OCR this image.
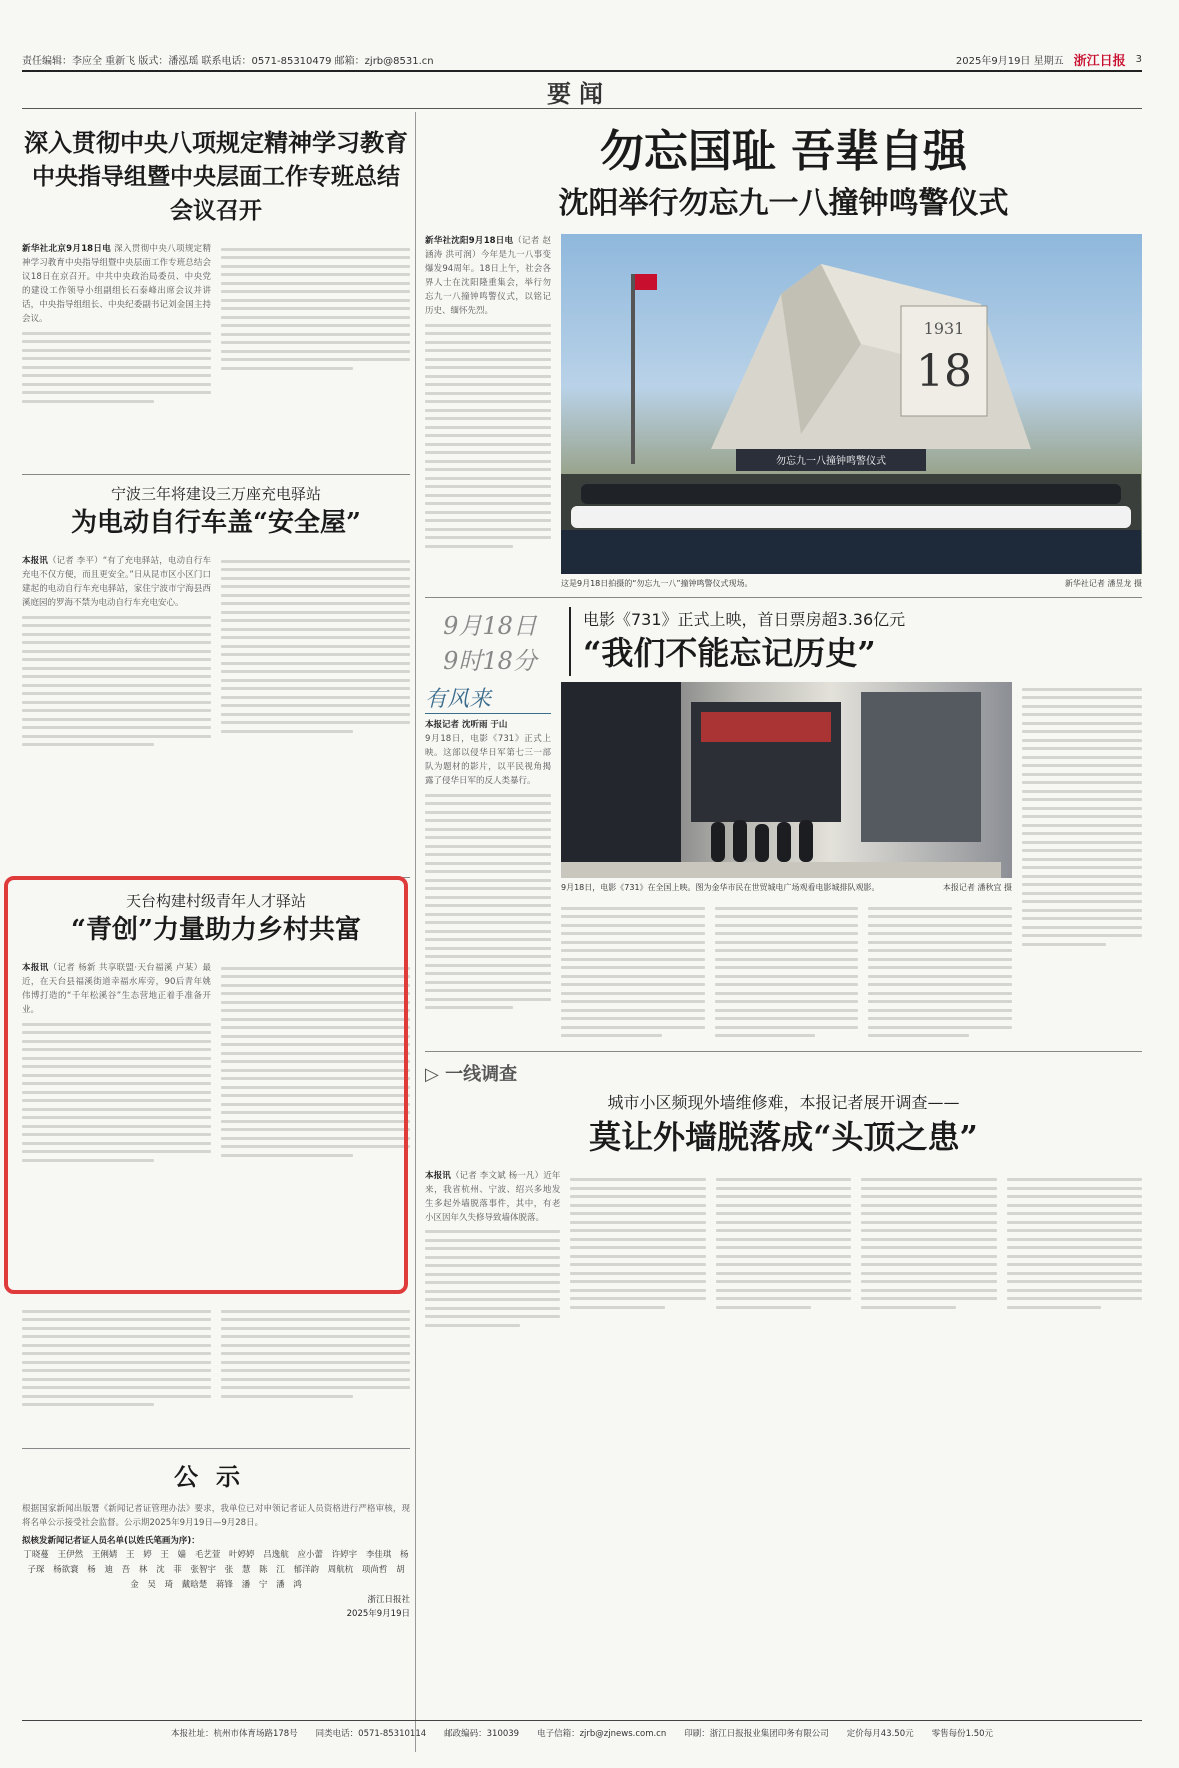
责任编辑：李应全 重新飞 版式：潘泓瑶 联系电话：0571-85310479 邮箱：zjrb@8531.cn	2025年9月19日 星期五 浙江日报 3
要闻
深入贯彻中央八项规定精神学习教育
中央指导组暨中央层面工作专班总结会议召开

新华社北京9月18日电 深入贯彻中央八项规定精神学习教育中央指导组暨中央层面工作专班总结会议18日在京召开。中共中央政治局委员、中央党的建设工作领导小组副组长石泰峰出席会议并讲话，中央指导组组长、中央纪委副书记刘金国主持会议。

宁波三年将建设三万座充电驿站
为电动自行车盖“安全屋”

本报讯（记者 李平）“有了充电驿站，电动自行车充电不仅方便，而且更安全。”日从昆市区小区门口建起的电动自行车充电驿站，家住宁波市宁海县西溪庭园的罗海不禁为电动自行车充电安心。

天台构建村级青年人才驿站
“青创”力量助力乡村共富

本报讯（记者 杨新 共享联盟·天台福溪 卢某）最近，在天台县福溪街道幸福水库旁，90后青年姚伟博打造的“千年松溪谷”生态营地正着手准备开业。

公示

根据国家新闻出版署《新闻记者证管理办法》要求，我单位已对申领记者证人员资格进行严格审核，现将名单公示接受社会监督。公示期2025年9月19日—9月28日。

拟核发新闻记者证人员名单(以姓氏笔画为序)：

丁晓蔓 王伊然 王俐婧 王 婷 王 嫱 毛艺萱 叶婷婷 吕逸航 应小蕾 许婷宇 李佳琪 杨子琛 杨欲寰 杨 迪 吾 林 沈 菲 张智宇 张 慧 陈 江 郁洋韵 周航杭 项尚哲 胡 金 吴 琦 戴晗楚 蒋锋 潘 宁 潘 鸿

浙江日报社

2025年9月19日

勿忘国耻 吾辈自强
沈阳举行勿忘九一八撞钟鸣警仪式

新华社沈阳9月18日电（记者 赵涵涛 洪可润）今年是九一八事变爆发94周年。18日上午，社会各界人士在沈阳隆重集会，举行勿忘九一八撞钟鸣警仪式，以铭记历史、缅怀先烈。

1931
18
勿忘九一八撞钟鸣警仪式
这是9月18日拍摄的“勿忘九一八”撞钟鸣警仪式现场。	新华社记者 潘昱龙 摄
9月18日
9时18分
电影《731》正式上映，首日票房超3.36亿元
“我们不能忘记历史”
有风来

本报记者 沈听雨 于山

9月18日，电影《731》正式上映。这部以侵华日军第七三一部队为题材的影片，以平民视角揭露了侵华日军的反人类暴行。

9月18日，电影《731》在全国上映。图为金华市民在世贸城电广场观看电影城排队观影。	本报记者 潘秋宜 摄
▷ 一线调查
城市小区频现外墙维修难，本报记者展开调查——
莫让外墙脱落成“头顶之患”

本报讯（记者 李文斌 杨一凡）近年来，我省杭州、宁波、绍兴多地发生多起外墙脱落事件，其中，有老小区因年久失修导致墙体脱落。

本报社址：杭州市体育场路178号 同类电话：0571-85310114 邮政编码：310039 电子信箱：zjrb@zjnews.com.cn 印刷：浙江日报报业集团印务有限公司 定价每月43.50元 零售每份1.50元
